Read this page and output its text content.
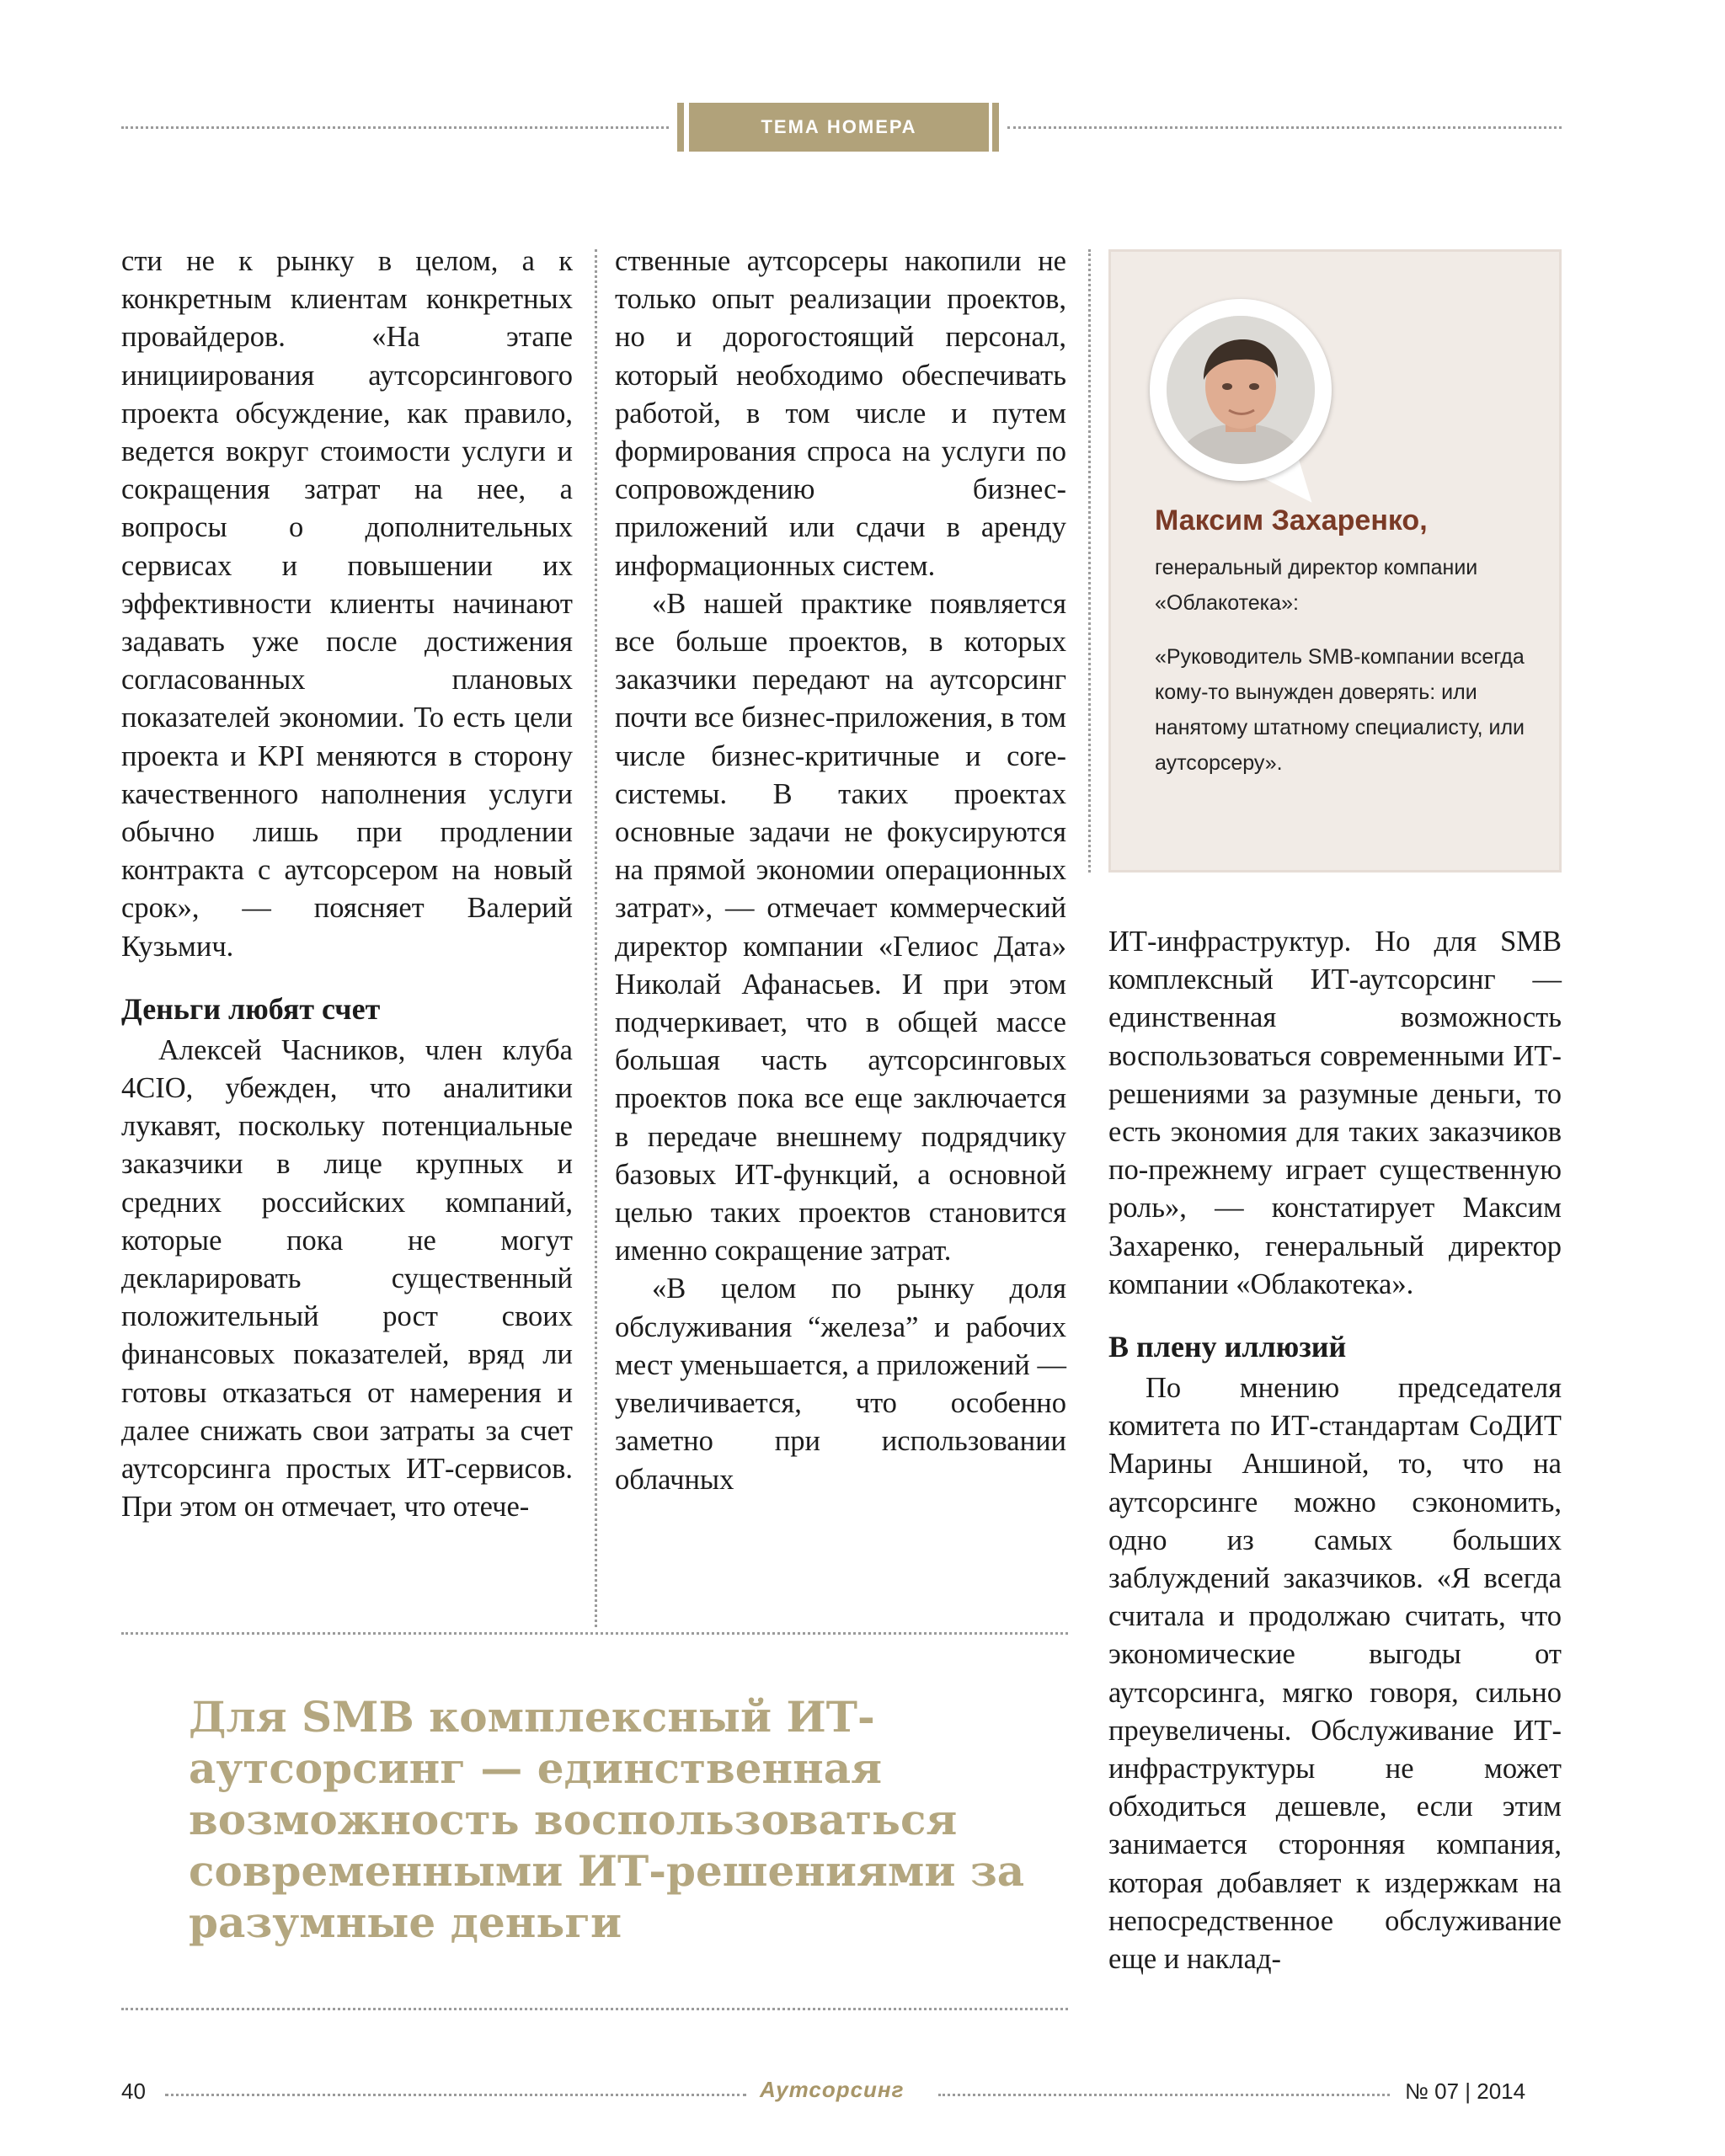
ТЕМА НОМЕРА

сти не к рынку в целом, а к конкретным клиентам конкретных провайдеров. «На этапе инициирования аутсорсингового проекта обсуждение, как правило, ведется вокруг стоимости услуги и сокращения затрат на нее, а вопросы о дополнительных сервисах и повышении их эффективности клиенты начинают задавать уже после достижения согласованных плановых показателей экономии. То есть цели проекта и KPI меняются в сторону качественного наполнения услуги обычно лишь при продлении контракта с аутсорсером на новый срок», — поясняет Валерий Кузьмич.

Деньги любят счет

Алексей Часников, член клуба 4CIO, убежден, что аналитики лукавят, поскольку потенциальные заказчики в лице крупных и средних российских компаний, которые пока не могут декларировать существенный положительный рост своих финансовых показателей, вряд ли готовы отказаться от намерения и далее снижать свои затраты за счет аутсорсинга простых ИТ-сервисов. При этом он отмечает, что отече-

ственные аутсорсеры накопили не только опыт реализации проектов, но и дорогостоящий персонал, который необходимо обеспечивать работой, в том числе и путем формирования спроса на услуги по сопровождению бизнес-приложений или сдачи в аренду информационных систем.

«В нашей практике появляется все больше проектов, в которых заказчики передают на аутсорсинг почти все бизнес-приложения, в том числе бизнес-критичные и core-системы. В таких проектах основные задачи не фокусируются на прямой экономии операционных затрат», — отмечает коммерческий директор компании «Гелиос Дата» Николай Афанасьев. И при этом подчеркивает, что в общей массе большая часть аутсорсинговых проектов пока все еще заключается в передаче внешнему подрядчику базовых ИТ-функций, а основной целью таких проектов становится именно сокращение затрат.

«В целом по рынку доля обслуживания “железа” и рабочих мест уменьшается, а приложений — увеличивается, что особенно заметно при использовании облачных

Максим Захаренко,
генеральный директор компании «Облакотека»:
«Руководитель SMB-компании всегда кому-то вынужден доверять: или нанятому штатному специалисту, или аутсорсеру».

ИТ-инфраструктур. Но для SMB комплексный ИТ-аутсорсинг — единственная возможность воспользоваться современными ИТ-решениями за разумные деньги, то есть экономия для таких заказчиков по-прежнему играет существенную роль», — констатирует Максим Захаренко, генеральный директор компании «Облакотека».

В плену иллюзий

По мнению председателя комитета по ИТ-стандартам СоДИТ Марины Аншиной, то, что на аутсорсинге можно сэкономить, одно из самых больших заблуждений заказчиков. «Я всегда считала и продолжаю считать, что экономические выгоды от аутсорсинга, мягко говоря, сильно преувеличены. Обслуживание ИТ-инфраструктуры не может обходиться дешевле, если этим занимается сторонняя компания, которая добавляет к издержкам на непосредственное обслуживание еще и наклад-

Для SMB комплексный ИТ-аутсорсинг — единственная возможность воспользоваться современными ИТ-решениями за разумные деньги

40	Аутсорсинг	№ 07 | 2014
